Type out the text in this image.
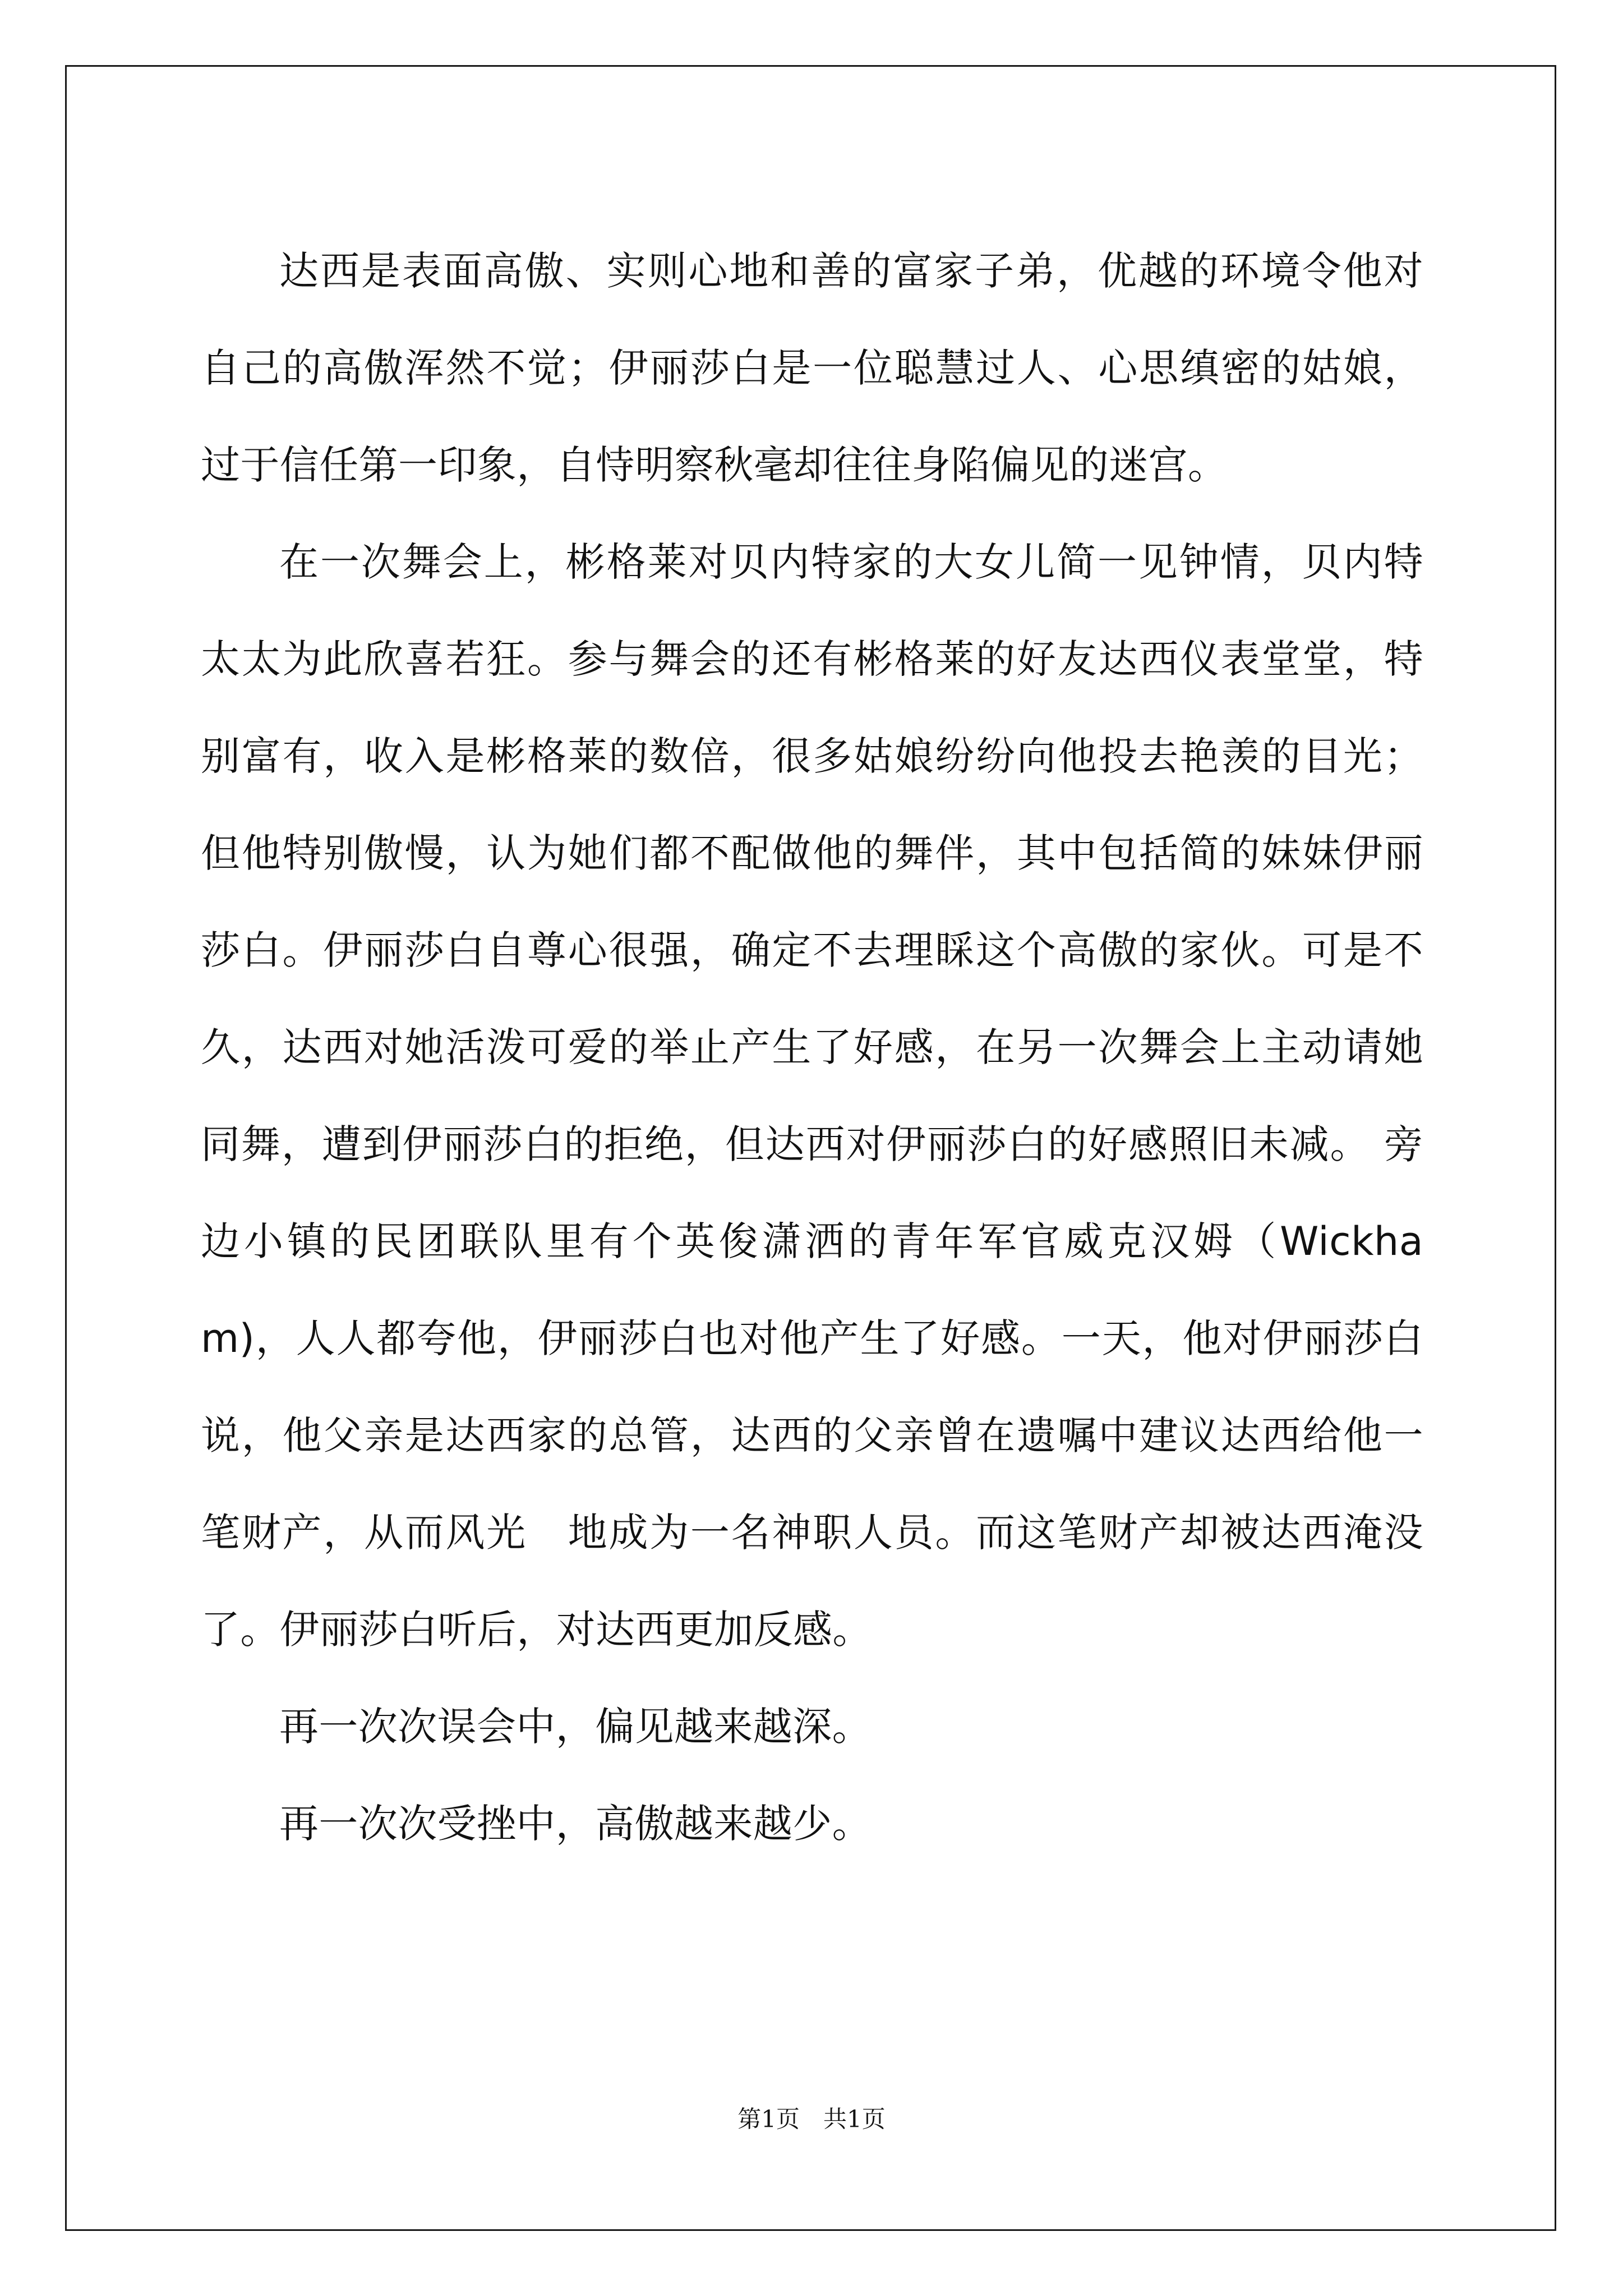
达西是表面高傲、实则心地和善的富家子弟，优越的环境令他对自己的高傲浑然不觉；伊丽莎白是一位聪慧过人、心思缜密的姑娘，过于信任第一印象，自恃明察秋毫却往往身陷偏见的迷宫。

在一次舞会上，彬格莱对贝内特家的大女儿简一见钟情，贝内特太太为此欣喜若狂。参与舞会的还有彬格莱的好友达西仪表堂堂，特别富有，收入是彬格莱的数倍，很多姑娘纷纷向他投去艳羡的目光；但他特别傲慢，认为她们都不配做他的舞伴，其中包括简的妹妹伊丽莎白。伊丽莎白自尊心很强，确定不去理睬这个高傲的家伙。可是不久，达西对她活泼可爱的举止产生了好感，在另一次舞会上主动请她同舞，遭到伊丽莎白的拒绝，但达西对伊丽莎白的好感照旧未减。 旁边小镇的民团联队里有个英俊潇洒的青年军官威克汉姆（Wickham)，人人都夸他，伊丽莎白也对他产生了好感。一天，他对伊丽莎白说，他父亲是达西家的总管，达西的父亲曾在遗嘱中建议达西给他一笔财产，从而风光　地成为一名神职人员。而这笔财产却被达西淹没了。伊丽莎白听后，对达西更加反感。

再一次次误会中，偏见越来越深。

再一次次受挫中，高傲越来越少。

第1页　共1页
